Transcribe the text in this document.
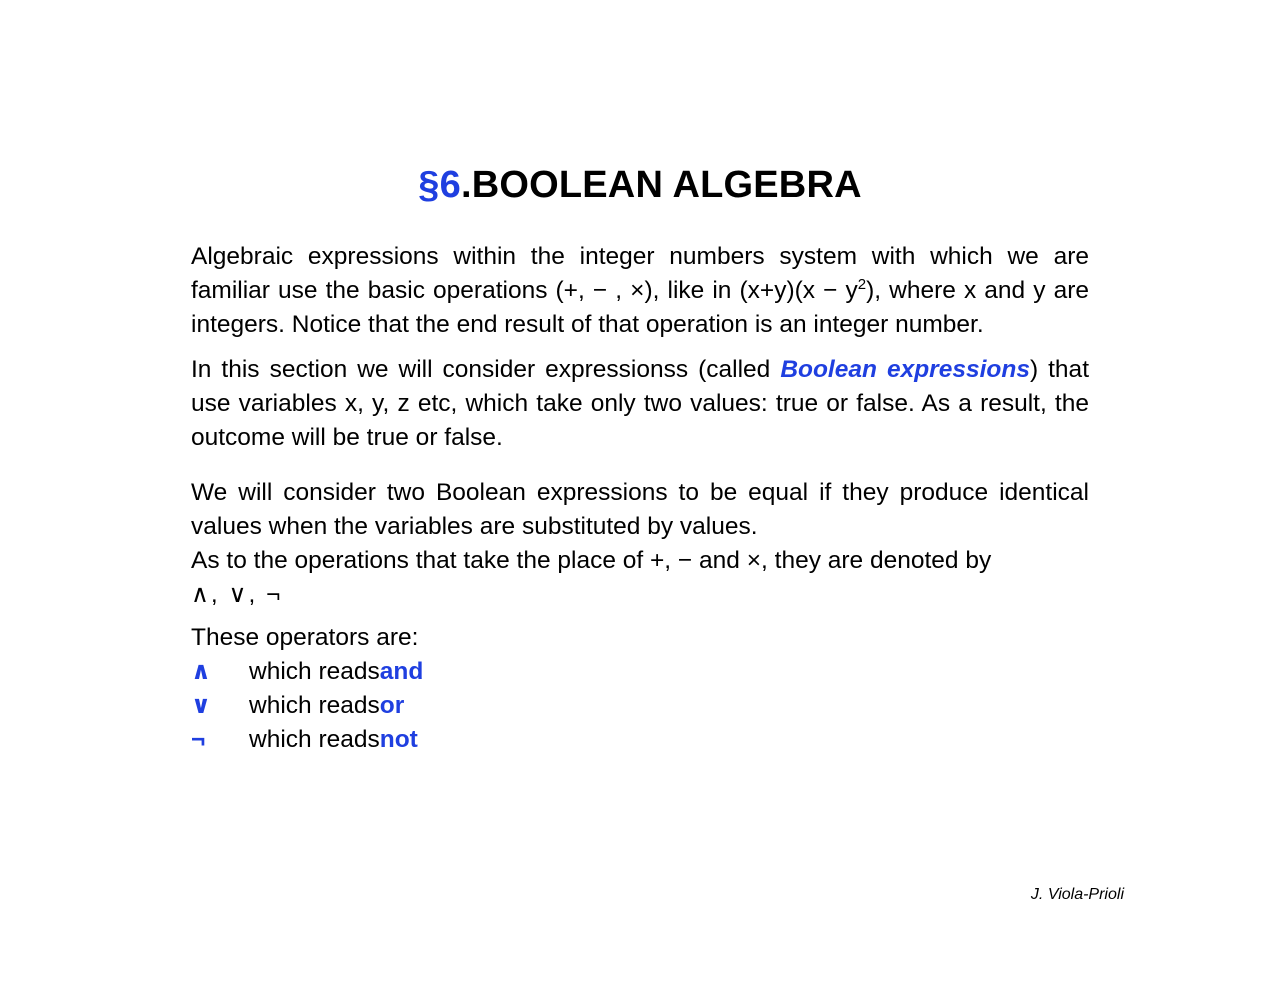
§6.BOOLEAN ALGEBRA

Algebraic expressions within the integer numbers system with which we are familiar use the basic operations (+, − , ×), like in $(x+y)(x - y^2)$, where x and y are integers. Notice that the end result of that operation is an integer number.

In this section we will consider expressionss (called Boolean expressions) that use variables x, y, z etc, which take only two values: true or false. As a result, the outcome will be true or false.

We will consider two Boolean expressions to be equal if they produce identical values when the variables are substituted by values.

As to the operations that take the place of +, − and ×, they are denoted by

∧, ∨, ¬

These operators are:

∧	which reads and
∨	which reads or
¬	which reads not
J. Viola-Prioli
